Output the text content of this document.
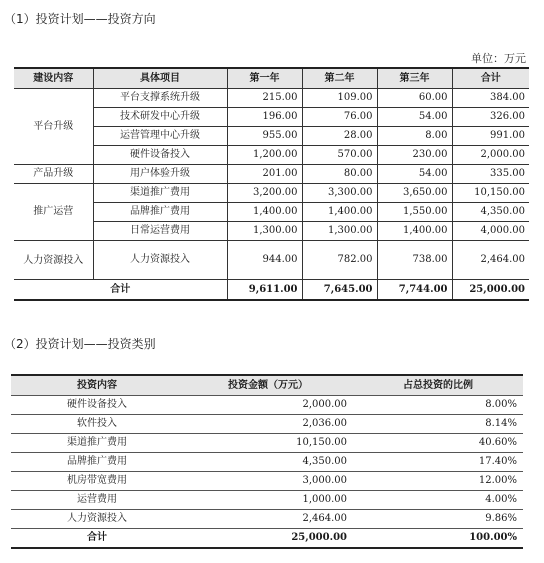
（1）投资计划——投资方向
单位：万元
建设内容	具体项目	第一年	第二年	第三年	合计
平台升级	平台支撑系统升级	215.00	109.00	60.00	384.00
	技术研发中心升级	196.00	76.00	54.00	326.00
	运营管理中心升级	955.00	28.00	8.00	991.00
	硬件设备投入	1,200.00	570.00	230.00	2,000.00
产品升级	用户体验升级	201.00	80.00	54.00	335.00
推广运营	渠道推广费用	3,200.00	3,300.00	3,650.00	10,150.00
	品牌推广费用	1,400.00	1,400.00	1,550.00	4,350.00
	日常运营费用	1,300.00	1,300.00	1,400.00	4,000.00
人力资源投入	人力资源投入	944.00	782.00	738.00	2,464.00
合计		9,611.00	7,645.00	7,744.00	25,000.00
（2）投资计划——投资类别
投资内容	投资金额（万元）	占总投资的比例
硬件设备投入	2,000.00	8.00%
软件投入	2,036.00	8.14%
渠道推广费用	10,150.00	40.60%
品牌推广费用	4,350.00	17.40%
机房带宽费用	3,000.00	12.00%
运营费用	1,000.00	4.00%
人力资源投入	2,464.00	9.86%
合计	25,000.00	100.00%
